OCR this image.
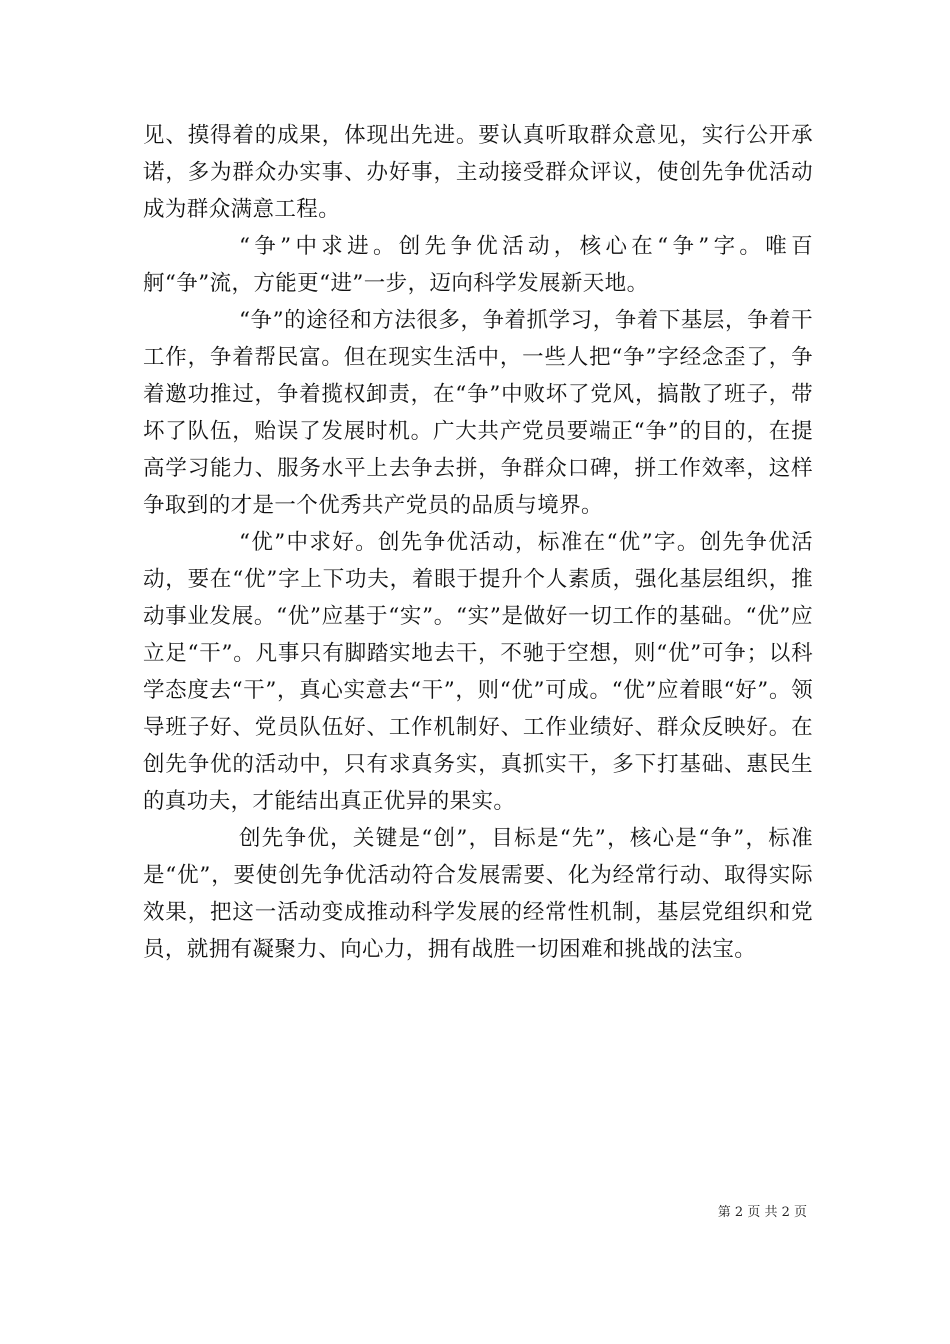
见、摸得着的成果，体现出先进。要认真听取群众意见，实行公开承诺，多为群众办实事、办好事，主动接受群众评议，使创先争优活动成为群众满意工程。

“争”中求进。创先争优活动，核心在“争”字。唯百舸“争”流，方能更“进”一步，迈向科学发展新天地。

“争”的途径和方法很多，争着抓学习，争着下基层，争着干工作，争着帮民富。但在现实生活中，一些人把“争”字经念歪了，争着邀功推过，争着揽权卸责，在“争”中败坏了党风，搞散了班子，带坏了队伍，贻误了发展时机。广大共产党员要端正“争”的目的，在提高学习能力、服务水平上去争去拼，争群众口碑，拼工作效率，这样争取到的才是一个优秀共产党员的品质与境界。

“优”中求好。创先争优活动，标准在“优”字。创先争优活动，要在“优”字上下功夫，着眼于提升个人素质，强化基层组织，推动事业发展。“优”应基于“实”。“实”是做好一切工作的基础。“优”应立足“干”。凡事只有脚踏实地去干，不驰于空想，则“优”可争；以科学态度去“干”，真心实意去“干”，则“优”可成。“优”应着眼“好”。领导班子好、党员队伍好、工作机制好、工作业绩好、群众反映好。在创先争优的活动中，只有求真务实，真抓实干，多下打基础、惠民生的真功夫，才能结出真正优异的果实。

创先争优，关键是“创”，目标是“先”，核心是“争”，标准是“优”，要使创先争优活动符合发展需要、化为经常行动、取得实际效果，把这一活动变成推动科学发展的经常性机制，基层党组织和党员，就拥有凝聚力、向心力，拥有战胜一切困难和挑战的法宝。

第 2 页 共 2 页
